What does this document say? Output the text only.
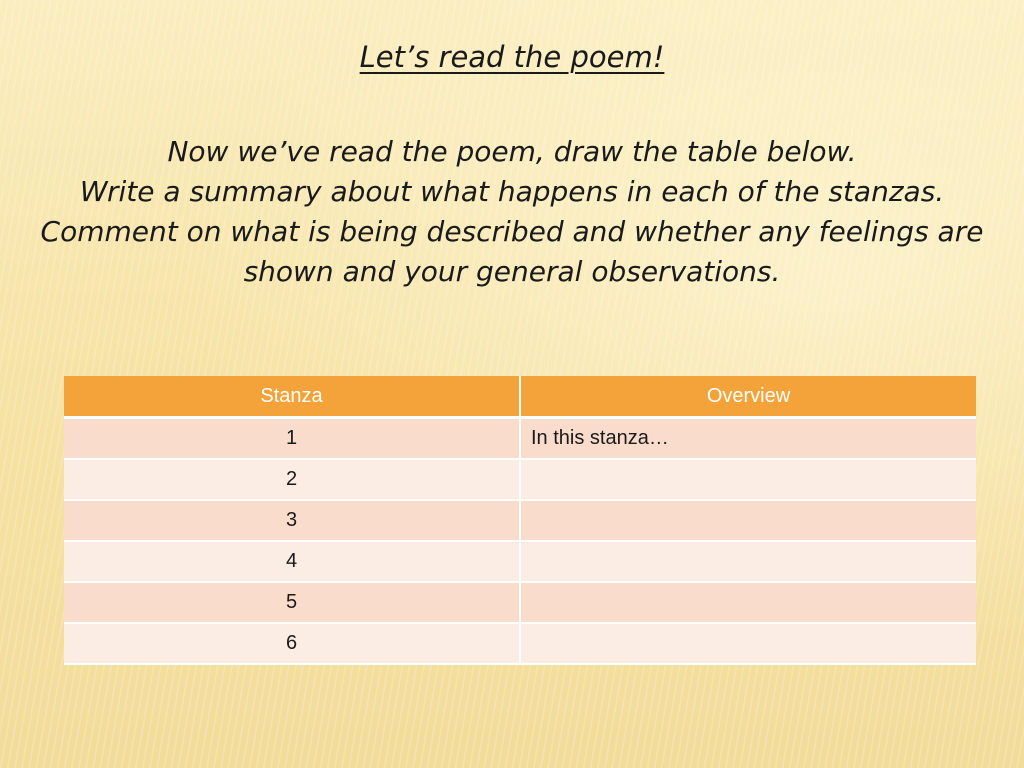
Let’s read the poem!

Now we’ve read the poem, draw the table below.

Write a summary about what happens in each of the stanzas.

Comment on what is being described and whether any feelings are shown and your general observations.

Stanza	Overview
1	In this stanza…
2	
3	
4	
5	
6	
